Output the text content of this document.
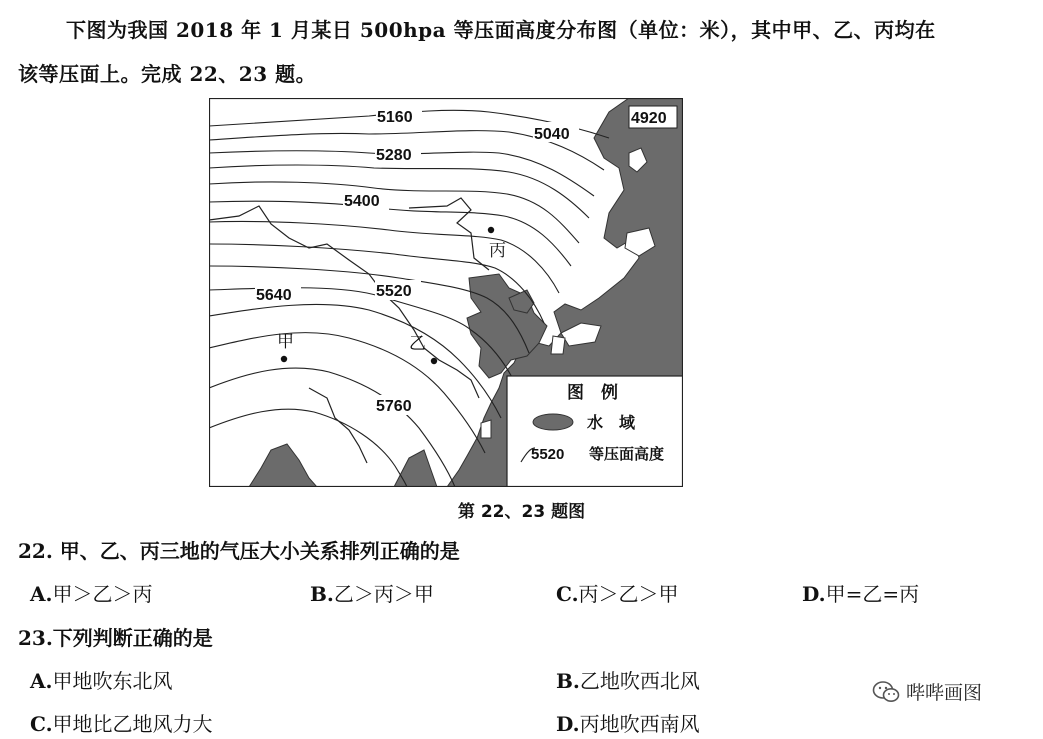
下图为我国 2018 年 1 月某日 500hpa 等压面高度分布图（单位：米），其中甲、乙、丙均在
该等压面上。完成 22、23 题。
5160
5040
4920
5280
5400
5640	5520
5760
甲	乙
丙
图　例
水　域
5520 等压面高度
第 22、23 题图
22. 甲、乙、丙三地的气压大小关系排列正确的是
A.甲＞乙＞丙	B.乙＞丙＞甲	C.丙＞乙＞甲	D.甲=乙=丙
23.下列判断正确的是
A.甲地吹东北风	B.乙地吹西北风
C.甲地比乙地风力大	D.丙地吹西南风
哔哔画图
